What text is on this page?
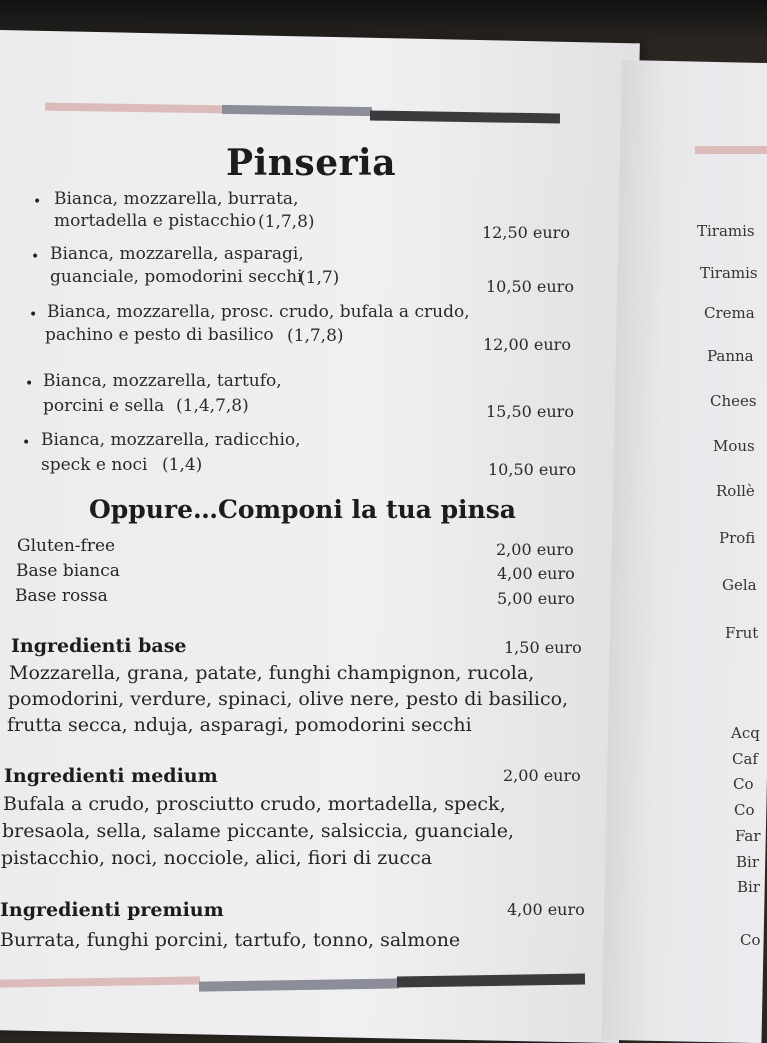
Pinseria
• Bianca, mozzarella, burrata,
mortadella e pistacchio (1,7,8)
12,50 euro
• Bianca, mozzarella, asparagi,
guanciale, pomodorini secchi
(1,7)	10,50 euro
• Bianca, mozzarella, prosc. crudo, bufala a crudo,
pachino e pesto di basilico (1,7,8)	12,00 euro
• Bianca, mozzarella, tartufo,
porcini e sella (1,4,7,8)	15,50 euro
• Bianca, mozzarella, radicchio,
speck e noci (1,4)	10,50 euro
Oppure…Componi la tua pinsa
Gluten-free	2,00 euro
Base bianca	4,00 euro
Base rossa	5,00 euro
Ingredienti base	1,50 euro
Mozzarella, grana, patate, funghi champignon, rucola,
pomodorini, verdure, spinaci, olive nere, pesto di basilico,
frutta secca, nduja, asparagi, pomodorini secchi
Ingredienti medium	2,00 euro
Bufala a crudo, prosciutto crudo, mortadella, speck,
bresaola, sella, salame piccante, salsiccia, guanciale,
pistacchio, noci, nocciole, alici, fiori di zucca
Ingredienti premium	4,00 euro
Burrata, funghi porcini, tartufo, tonno, salmone
Tiramis
Tiramis
Crema
Panna
Chees
Mous
Rollè
Profi
Gela
Frut
Acq
Caf
Co
Co
Far
Bir
Bir
Co
